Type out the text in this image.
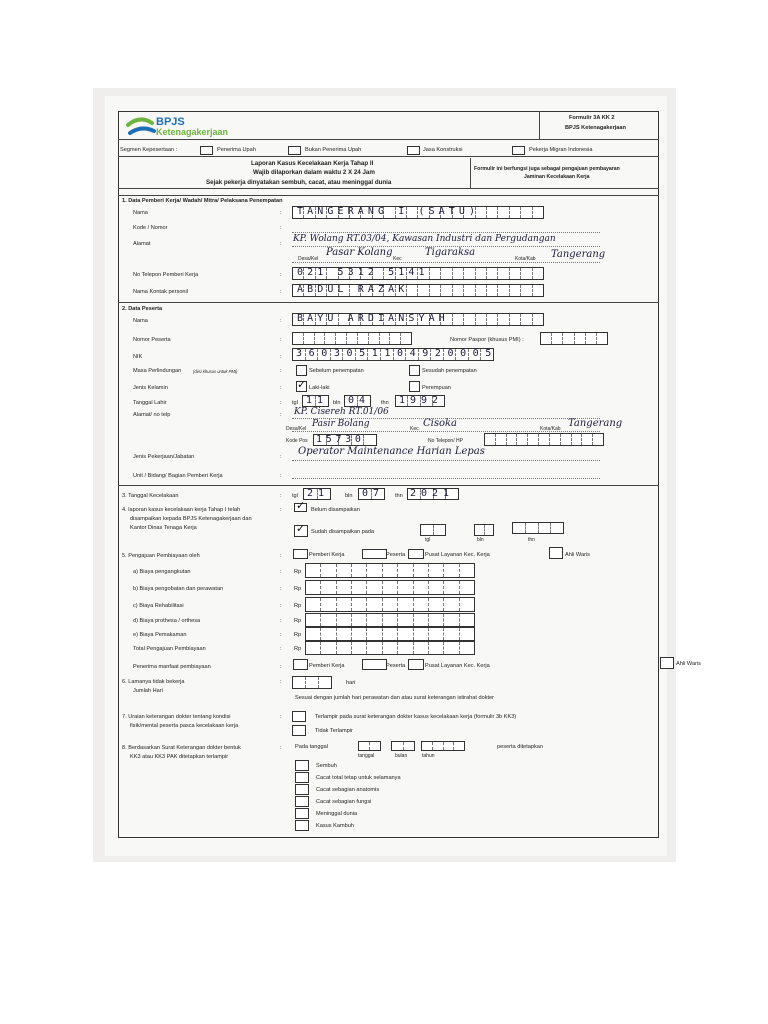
BPJS
Ketenagakerjaan
Formulir 3A KK 2
BPJS Ketenagakerjaan
Segmen Kepesertaan :	Penerima Upah	Bukan Penerima Upah	Jasa Konstruksi	Pekerja Migran Indonesia
Laporan Kasus Kecelakaan Kerja Tahap II
Wajib dilaporkan dalam waktu 2 X 24 Jam
Sejak pekerja dinyatakan sembuh, cacat, atau meninggal dunia
Formulir ini berfungsi juga sebagai pengajuan pembayaran
Jaminan Kecelakaan Kerja
1. Data Pemberi Kerja/ Wadah/ Mitra/ Pelaksana Penempatan
Nama	: TANGERANG I (SATU)
Kode / Nomor	:
Alamat	: KP. Wolang RT.03/04, Kawasan Industri dan Pergudangan
Desa/Kel
Pasar Kolang
Kec
Tigaraksa
Kota/Kab Tangerang
No Telepon Pemberi Kerja	: 021 5312 5141
Nama Kontak personil	: ABDUL RAZAK
2. Data Peserta
Nama	: BAYU ARDIANSYAH
Nomor Peserta	:	Nomor Paspor (khusus PMI) :
NIK	: 3603051104920005
Masa Perlindungan	(diisi khusus untuk PMI)	:	Sebelum penempatan	Sesudah penempatan
Jenis Kelamin	: ✓ Laki-laki	Perempuan
Tanggal Lahir	: tgl 11 bln 04 thn 1992
Alamat/ no telp	: KP. Cisereh RT.01/06
Desa/Kel Pasir Bolang	Kec Cisoka	Kota/Kab Tangerang
Kode Pos 15730	No Telepon/ HP
Jenis Pekerjaan/Jabatan	: Operator Maintenance Harian Lepas
Unit / Bidang/ Bagian Pemberi Kerja	:
3. Tanggal Kecelakaan	: tgl 21	bln 07 thn 2021
4. laporan kasus kecelakaan kerja Tahap I telah
disampaikan kepada BPJS Ketenagakerjaan dan
Kantor Dinas Tenaga Kerja
: ✓ Belum disampaikan
✓ Sudah disampaikan pada
tgl	bln	thn
5. Pengajuan Pembiayaan oleh	:	Pemberi Kerja	Peserta	Pusat Layanan Kec. Kerja	Ahli Waris
a) Biaya pengangkutan	: Rp
b) Biaya pengobatan dan perawatan	: Rp
c) Biaya Rehabilitasi	: Rp
d) Biaya prothesa / orthesa	: Rp
e) Biaya Pemakaman	: Rp
Total Pengajuan Pembiayaan	: Rp
Penerima manfaat pembiayaan	:	Pemberi Kerja	Peserta	Pusat Layanan Kec. Kerja	Ahli Waris
6. Lamanya tidak bekerja
Jumlah Hari
:	hari
Sesuai dengan jumlah hari perawatan dan atau surat keterangan istirahat dokter
7. Uraian keterangan dokter tentang kondisi
fisik/mental peserta pasca kecelakaan kerja
:	Terlampir pada surat keterangan dokter kasus kecelakaan kerja (formulir 3b KK3)
Tidak Terlampir
8. Berdasarkan Surat Keterangan dokter bentuk
KK3 atau KK3 PAK ditetapkan terlampir
: Pada tanggal
tanggal	bulan	tahun
peserta ditetapkan
Sembuh
Cacat total tetap untuk selamanya
Cacat sebagian anatomis
Cacat sebagian fungsi
Meninggal dunia
Kasus Kambuh
